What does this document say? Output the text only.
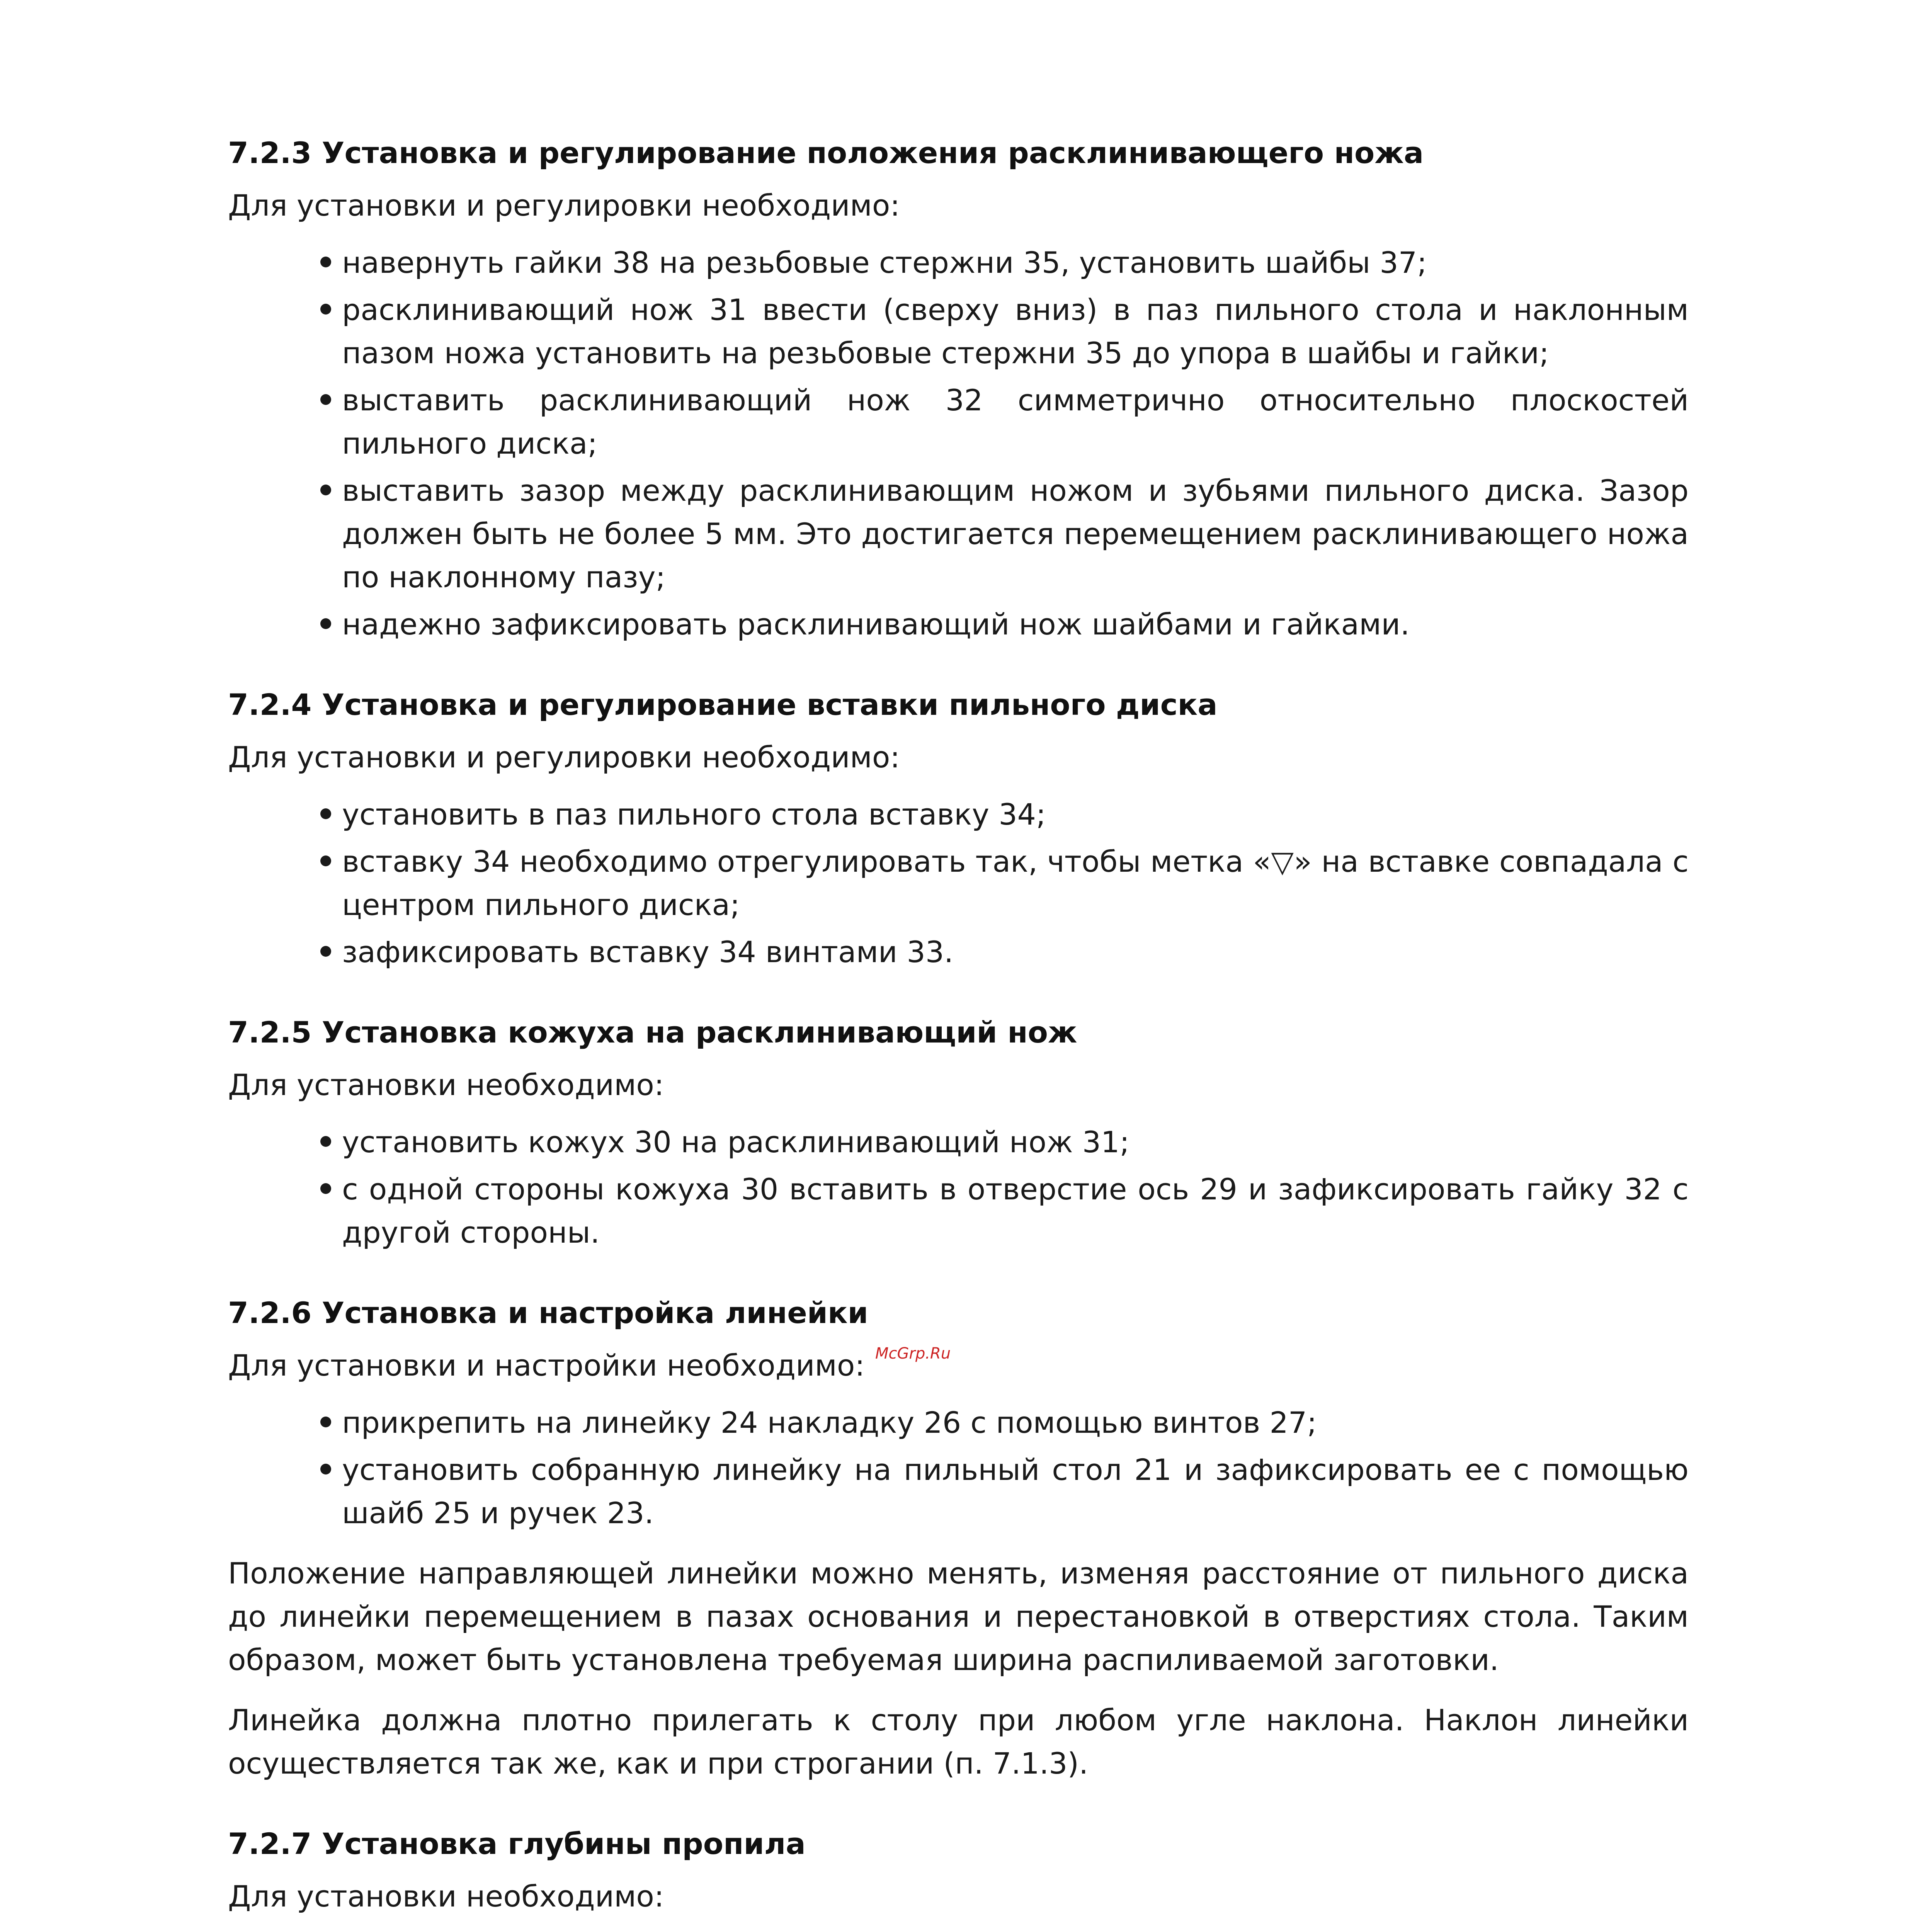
7.2.3 Установка и регулирование положения расклинивающего ножа

Для установки и регулировки необходимо:

навернуть гайки 38 на резьбовые стержни 35, установить шайбы 37;
расклинивающий нож 31 ввести (сверху вниз) в паз пильного стола и наклонным пазом ножа установить на резьбовые стержни 35 до упора в шайбы и гайки;
выставить расклинивающий нож 32 симметрично относительно плоскостей пильного диска;
выставить зазор между расклинивающим ножом и зубьями пильного диска. Зазор должен быть не более 5 мм. Это достигается перемещением расклинивающего ножа по наклонному пазу;
надежно зафиксировать расклинивающий нож шайбами и гайками.
7.2.4 Установка и регулирование вставки пильного диска

Для установки и регулировки необходимо:

установить в паз пильного стола вставку 34;
вставку 34 необходимо отрегулировать так, чтобы метка «▽» на вставке совпадала с центром пильного диска;
зафиксировать вставку 34 винтами 33.
7.2.5 Установка кожуха на расклинивающий нож

Для установки необходимо:

установить кожух 30 на расклинивающий нож 31;
с одной стороны кожуха 30 вставить в отверстие ось 29 и зафиксировать гайку 32 с другой стороны.
7.2.6 Установка и настройка линейки

Для установки и настройки необходимо:

прикрепить на линейку 24 накладку 26 с помощью винтов 27;
установить собранную линейку на пильный стол 21 и зафиксировать ее с помощью шайб 25 и ручек 23.

Положение направляющей линейки можно менять, изменяя расстояние от пильного диска до линейки перемещением в пазах основания и перестановкой в отверстиях стола. Таким образом, может быть установлена требуемая ширина распиливаемой заготовки.

Линейка должна плотно прилегать к столу при любом угле наклона. Наклон линейки осуществляется так же, как и при строгании (п. 7.1.3).

7.2.7 Установка глубины пропила

Для установки необходимо:

McGrp.Ru
